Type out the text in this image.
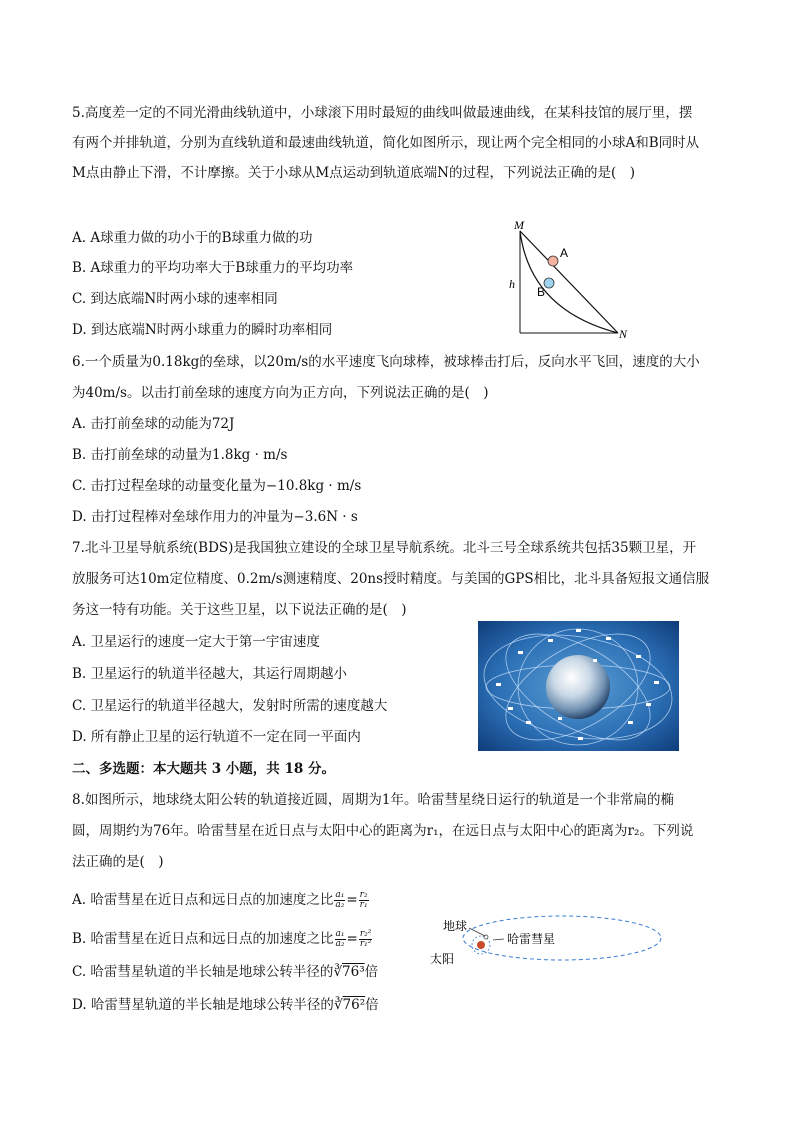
5.高度差一定的不同光滑曲线轨道中，小球滚下用时最短的曲线叫做最速曲线，在某科技馆的展厅里，摆
有两个并排轨道，分别为直线轨道和最速曲线轨道，简化如图所示，现让两个完全相同的小球A和B同时从
M点由静止下滑，不计摩擦。关于小球从M点运动到轨道底端N的过程，下列说法正确的是(　)
A. A球重力做的功小于的B球重力做的功
B. A球重力的平均功率大于B球重力的平均功率
C. 到达底端N时两小球的速率相同
D. 到达底端N时两小球重力的瞬时功率相同
M
N
A
B
h
6.一个质量为0.18kg的垒球，以20m/s的水平速度飞向球棒，被球棒击打后，反向水平飞回，速度的大小
为40m/s。以击打前垒球的速度方向为正方向，下列说法正确的是(　)
A. 击打前垒球的动能为72J
B. 击打前垒球的动量为1.8kg · m/s
C. 击打过程垒球的动量变化量为−10.8kg · m/s
D. 击打过程棒对垒球作用力的冲量为−3.6N · s
7.北斗卫星导航系统(BDS)是我国独立建设的全球卫星导航系统。北斗三号全球系统共包括35颗卫星，开
放服务可达10m定位精度、0.2m/s测速精度、20ns授时精度。与美国的GPS相比，北斗具备短报文通信服
务这一特有功能。关于这些卫星，以下说法正确的是(　)
A. 卫星运行的速度一定大于第一宇宙速度
B. 卫星运行的轨道半径越大，其运行周期越小
C. 卫星运行的轨道半径越大，发射时所需的速度越大
D. 所有静止卫星的运行轨道不一定在同一平面内
二、多选题：本大题共 3 小题，共 18 分。
8.如图所示，地球绕太阳公转的轨道接近圆，周期为1年。哈雷彗星绕日运行的轨道是一个非常扁的椭
圆，周期约为76年。哈雷彗星在近日点与太阳中心的距离为r₁，在远日点与太阳中心的距离为r₂。下列说
法正确的是(　)
A. 哈雷彗星在近日点和远日点的加速度之比 $\frac{\text{a₁}}{\text{a₂}} = \frac{\text{r₂}}{\text{r₁}}$
B. 哈雷彗星在近日点和远日点的加速度之比 $\frac{\text{a₁}}{\text{a₂}} = \frac{\text{r₂²}}{\text{r₁²}}$
C. 哈雷彗星轨道的半长轴是地球公转半径的∛76³倍
D. 哈雷彗星轨道的半长轴是地球公转半径的∛76²倍
地球
太阳
哈雷彗星
